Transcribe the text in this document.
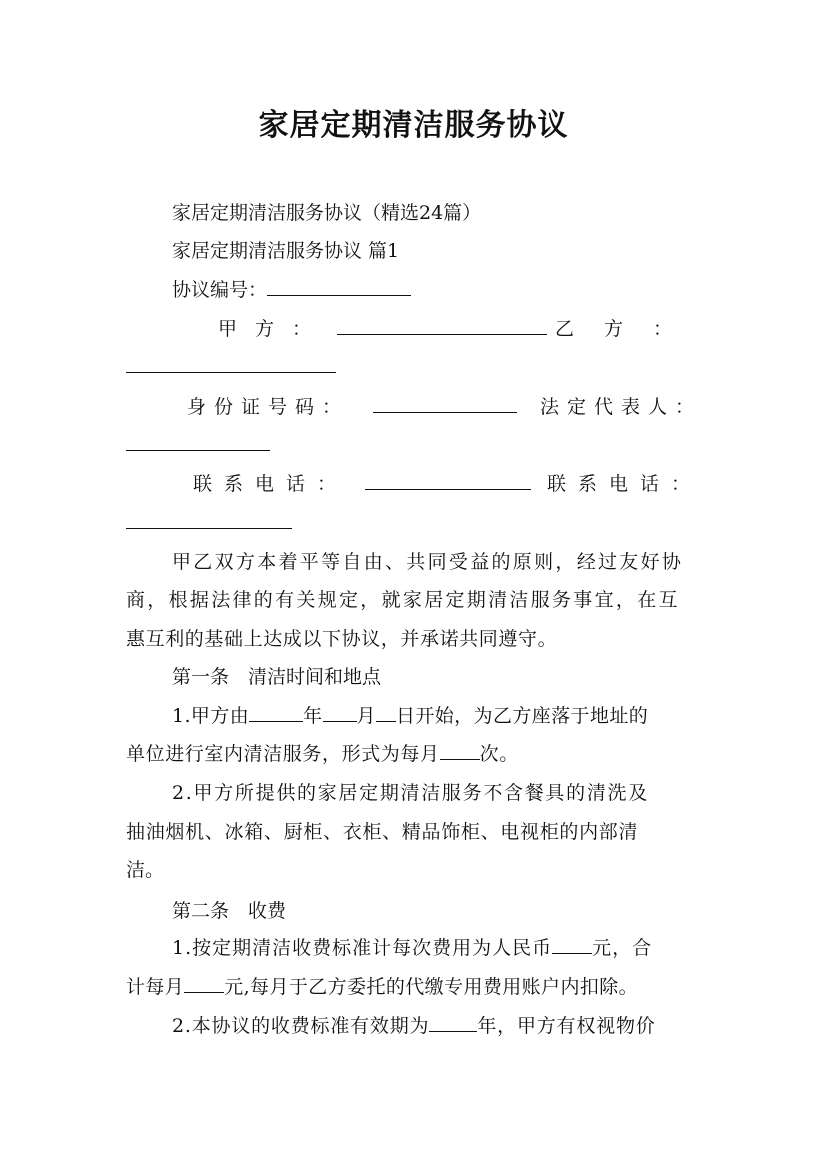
家居定期清洁服务协议
家居定期清洁服务协议（精选24篇）
家居定期清洁服务协议 篇1
协议编号：
甲方：	乙方：
身份证号码：	法定代表人：
联系电话：	联系电话：
甲乙双方本着平等自由、共同受益的原则，经过友好协
商，根据法律的有关规定，就家居定期清洁服务事宜，在互
惠互利的基础上达成以下协议，并承诺共同遵守。
第一条　清洁时间和地点
1.甲方由	年 月 日开始，为乙方座落于地址的
单位进行室内清洁服务，形式为每月 次。
2.甲方所提供的家居定期清洁服务不含餐具的清洗及
抽油烟机、冰箱、厨柜、衣柜、精品饰柜、电视柜的内部清
洁。
第二条　收费
1.按定期清洁收费标准计每次费用为人民币 元，合
计每月 元,每月于乙方委托的代缴专用费用账户内扣除。
2.本协议的收费标准有效期为	年，甲方有权视物价
